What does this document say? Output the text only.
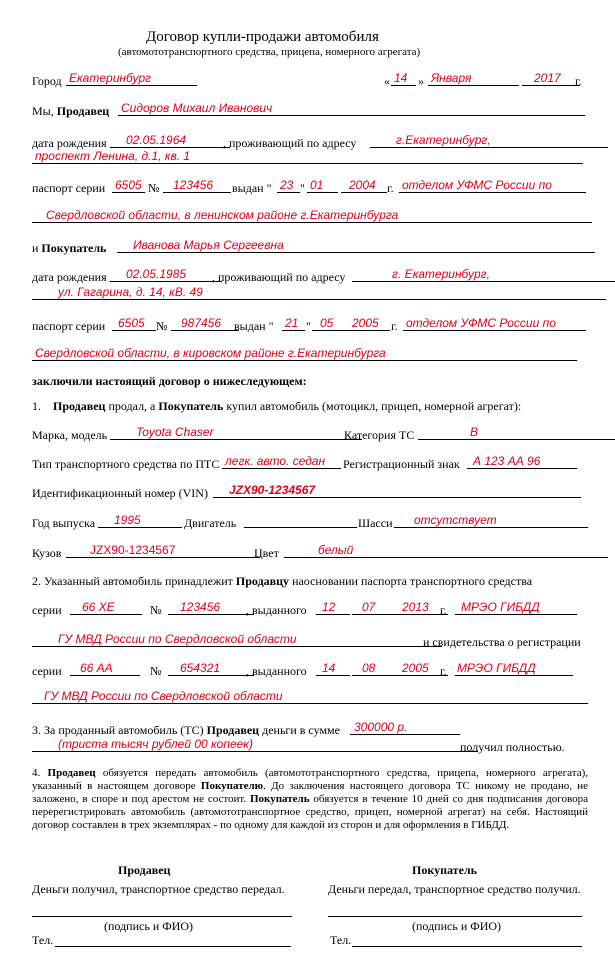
Договор купли-продажи автомобиля
(автомототранспортного средства, прицепа, номерного агрегата)
Город Екатеринбург	« 14 » Января	2017	г.
Мы, Продавец Сидоров Михаил Иванович
дата рождения	02.05.1964	, проживающий по адресу	г.Екатеринбург,
проспект Ленина, д.1, кв. 1
паспорт серии 6505 №	123456	выдан " 23 " 01	2004 г. отделом УФМС России по
Свердловской области, в ленинском районе г.Екатеринбурга
и Покупатель	Иванова Марья Сергеевна
дата рождения	02.05.1985	, проживающий по адресу	г. Екатеринбург,
ул. Гагарина, д. 14, кВ. 49
паспорт серии	6505 №	987456	выдан " 21 " 05	2005	г. отделом УФМС России по
Свердловской области, в кировском районе г.Екатеринбурга
заключили настоящий договор о нижеследующем:
1. Продавец продал, а Покупатель купил автомобиль (мотоцикл, прицеп, номерной агрегат):
Марка, модель	Toyota Chaser	Категория ТС	B
Тип транспортного средства по ПТС легк. авто. седан	Регистрационный знак	А 123 АА 96
Идентификационный номер (VIN)	JZX90-1234567
Год выпуска	1995	Двигатель	Шасси	отсутствует
Кузов	JZX90-1234567	Цвет	белый
2. Указанный автомобиль принадлежит Продавцу наосновании паспорта транспортного средства
серии	66 ХЕ	№	123456	, выданного	12	07	2013 г.	МРЭО ГИБДД
ГУ МВД России по Свердловской области	и свидетельства о регистрации
серии	66 АА	№	654321	, выданного	14	08	2005 г. МРЭО ГИБДД
ГУ МВД России по Свердловской области
3. За проданный автомобиль (ТС) Продавец деньги в сумме	300000 р.
(триста тысяч рублей 00 копеек)	получил полностью.
4. Продавец обязуется передать автомобиль (автомототранспортного средства, прицепа, номерного агрегата), указанный в настоящем договоре Покупателю. До заключения настоящего договора ТС никому не продано, не заложено, в споре и под арестом не состоит. Покупатель обязуется в течение 10 дней со дня подписания договора перерегистрировать автомобиль (автомототранспортное средство, прицеп, номерной агрегат) на себя. Настоящий договор составлен в трех экземплярах - по одному для каждой из сторон и для оформления в ГИБДД.
Продавец
Деньги получил, транспортное средство передал.
(подпись и ФИО)
Тел.
Покупатель
Деньги передал, транспортное средство получил.
(подпись и ФИО)
Тел.
